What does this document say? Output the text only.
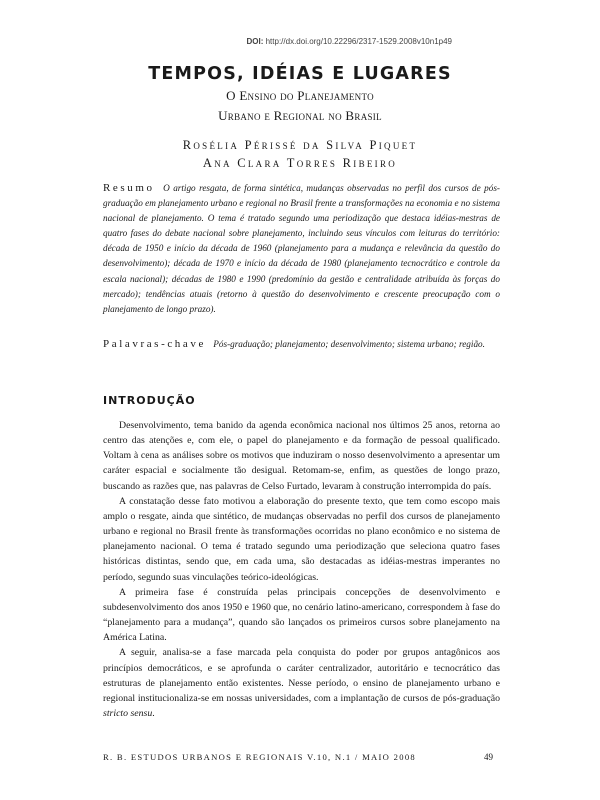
DOI: http://dx.doi.org/10.22296/2317-1529.2008v10n1p49
TEMPOS, IDÉIAS E LUGARES
O Ensino do Planejamento
Urbano e Regional no Brasil
Rosélia Périssé da Silva Piquet
Ana Clara Torres Ribeiro
Resumo O artigo resgata, de forma sintética, mudanças observadas no perfil dos cursos de pós-graduação em planejamento urbano e regional no Brasil frente a transformações na economia e no sistema nacional de planejamento. O tema é tratado segundo uma periodização que destaca idéias-mestras de quatro fases do debate nacional sobre planejamento, incluindo seus vínculos com leituras do território: década de 1950 e início da década de 1960 (planejamento para a mudança e relevância da questão do desenvolvimento); década de 1970 e início da década de 1980 (planejamento tecnocrático e controle da escala nacional); décadas de 1980 e 1990 (predomínio da gestão e centralidade atribuída às forças do mercado); tendências atuais (retorno à questão do desenvolvimento e crescente preocupação com o planejamento de longo prazo).
Palavras-chave Pós-graduação; planejamento; desenvolvimento; sistema urbano; região.
INTRODUÇÃO

Desenvolvimento, tema banido da agenda econômica nacional nos últimos 25 anos, retorna ao centro das atenções e, com ele, o papel do planejamento e da formação de pessoal qualificado. Voltam à cena as análises sobre os motivos que induziram o nosso desenvolvimento a apresentar um caráter espacial e socialmente tão desigual. Retomam-se, enfim, as questões de longo prazo, buscando as razões que, nas palavras de Celso Furtado, levaram à construção interrompida do país.

A constatação desse fato motivou a elaboração do presente texto, que tem como escopo mais amplo o resgate, ainda que sintético, de mudanças observadas no perfil dos cursos de planejamento urbano e regional no Brasil frente às transformações ocorridas no plano econômico e no sistema de planejamento nacional. O tema é tratado segundo uma periodização que seleciona quatro fases históricas distintas, sendo que, em cada uma, são destacadas as idéias-mestras imperantes no período, segundo suas vinculações teórico-ideológicas.

A primeira fase é construída pelas principais concepções de desenvolvimento e subdesenvolvimento dos anos 1950 e 1960 que, no cenário latino-americano, correspondem à fase do “planejamento para a mudança”, quando são lançados os primeiros cursos sobre planejamento na América Latina.

A seguir, analisa-se a fase marcada pela conquista do poder por grupos antagônicos aos princípios democráticos, e se aprofunda o caráter centralizador, autoritário e tecnocrático das estruturas de planejamento então existentes. Nesse período, o ensino de planejamento urbano e regional institucionaliza-se em nossas universidades, com a implantação de cursos de pós-graduação stricto sensu.

R. B. ESTUDOS URBANOS E REGIONAIS V.10, N.1 / MAIO 2008	49
